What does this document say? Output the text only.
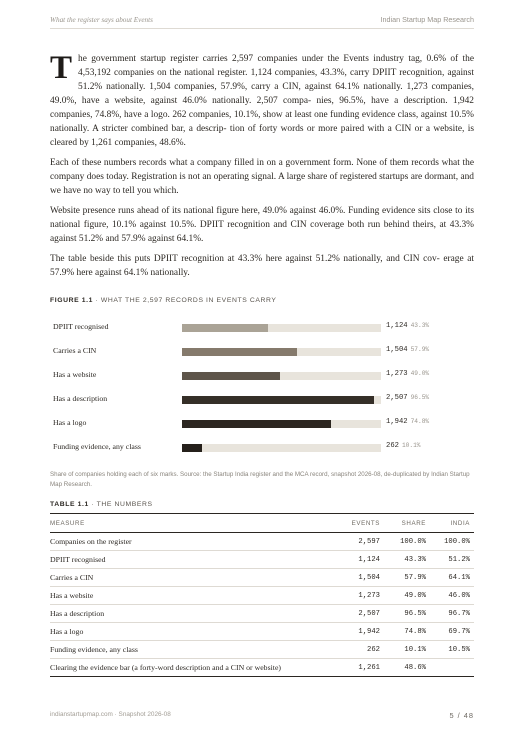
What the register says about Events	Indian Startup Map Research

The government startup register carries 2,597 companies under the Events industry tag, 0.6% of the 4,53,192 companies on the national register. 1,124 companies, 43.3%, carry DPIIT recognition, against 51.2% nationally. 1,504 companies, 57.9%, carry a CIN, against 64.1% nationally. 1,273 companies, 49.0%, have a website, against 46.0% nationally. 2,507 compa- nies, 96.5%, have a description. 1,942 companies, 74.8%, have a logo. 262 companies, 10.1%, show at least one funding evidence class, against 10.5% nationally. A stricter combined bar, a descrip- tion of forty words or more paired with a CIN or a website, is cleared by 1,261 companies, 48.6%.

Each of these numbers records what a company filled in on a government form. None of them records what the company does today. Registration is not an operating signal. A large share of registered startups are dormant, and we have no way to tell you which.

Website presence runs ahead of its national figure here, 49.0% against 46.0%. Funding evidence sits close to its national figure, 10.1% against 10.5%. DPIIT recognition and CIN coverage both run behind theirs, at 43.3% against 51.2% and 57.9% against 64.1%.

The table beside this puts DPIIT recognition at 43.3% here against 51.2% nationally, and CIN cov- erage at 57.9% here against 64.1% nationally.

FIGURE 1.1 · WHAT THE 2,597 RECORDS IN EVENTS CARRY
DPIIT recognised	1,124 43.3%
Carries a CIN	1,504 57.9%
Has a website	1,273 49.0%
Has a description	2,507 96.5%
Has a logo	1,942 74.8%
Funding evidence, any class	262 10.1%
Share of companies holding each of six marks. Source: the Startup India register and the MCA record, snapshot 2026-08, de-duplicated by Indian Startup Map Research.
TABLE 1.1 · THE NUMBERS
MEASURE	EVENTS	SHARE	INDIA
Companies on the register	2,597	100.0%	100.0%
DPIIT recognised	1,124	43.3%	51.2%
Carries a CIN	1,504	57.9%	64.1%
Has a website	1,273	49.0%	46.0%
Has a description	2,507	96.5%	96.7%
Has a logo	1,942	74.8%	69.7%
Funding evidence, any class	262	10.1%	10.5%
Clearing the evidence bar (a forty-word description and a CIN or website)	1,261	48.6%	
indianstartupmap.com · Snapshot 2026-08	5 / 48
